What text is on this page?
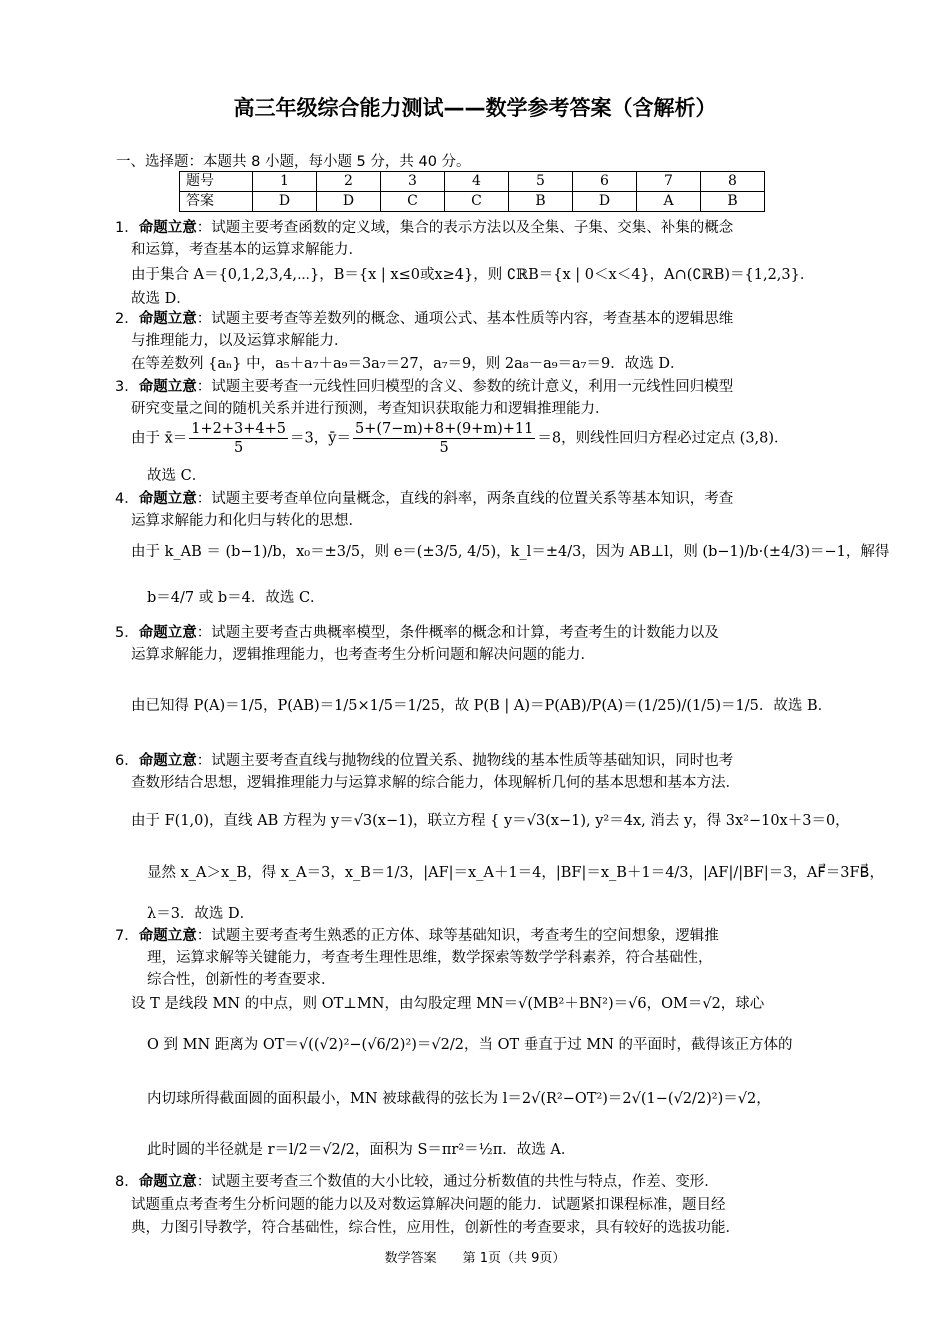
高三年级综合能力测试——数学参考答案（含解析）
一、选择题：本题共 8 小题，每小题 5 分，共 40 分。
题号	1	2	3	4	5	6	7	8
答案	D	D	C	C	B	D	A	B
1．命题立意：试题主要考查函数的定义域，集合的表示方法以及全集、子集、交集、补集的概念
和运算，考查基本的运算求解能力．
由于集合 A＝{0,1,2,3,4,⋯}，B＝{x | x≤0或x≥4}，则 ∁ℝB＝{x | 0＜x＜4}，A∩(∁ℝB)＝{1,2,3}．
故选 D．
2．命题立意：试题主要考查等差数列的概念、通项公式、基本性质等内容，考查基本的逻辑思维
与推理能力，以及运算求解能力．
在等差数列 {aₙ} 中，a₅＋a₇＋a₉＝3a₇＝27，a₇＝9，则 2a₈－a₉＝a₇＝9．故选 D．
3．命题立意：试题主要考查一元线性回归模型的含义、参数的统计意义，利用一元线性回归模型
研究变量之间的随机关系并进行预测，考查知识获取能力和逻辑推理能力．
由于 x̄＝ $\frac{1+2+3+4+5}{5} =3$，ȳ＝ $\frac{5+(7-m)+8+(9+m)+11}{5} =8$，则线性回归方程必过定点 (3,8)．
故选 C．
4．命题立意：试题主要考查单位向量概念，直线的斜率，两条直线的位置关系等基本知识，考查
运算求解能力和化归与转化的思想．
由于 k_AB ＝ (b−1)/b，x₀＝±3/5，则 e＝(±3/5, 4/5)，k_l＝±4/3，因为 AB⊥l，则 (b−1)/b·(±4/3)＝−1，解得
b＝4/7 或 b＝4．故选 C．
5．命题立意：试题主要考查古典概率模型，条件概率的概念和计算，考查考生的计数能力以及
运算求解能力，逻辑推理能力，也考查考生分析问题和解决问题的能力．
由已知得 P(A)＝1/5，P(AB)＝1/5×1/5＝1/25，故 P(B | A)＝P(AB)/P(A)＝(1/25)/(1/5)＝1/5．故选 B．
6．命题立意：试题主要考查直线与抛物线的位置关系、抛物线的基本性质等基础知识，同时也考
查数形结合思想，逻辑推理能力与运算求解的综合能力，体现解析几何的基本思想和基本方法．
由于 F(1,0)，直线 AB 方程为 y＝√3(x−1)，联立方程 { y＝√3(x−1), y²＝4x, 消去 y，得 3x²−10x＋3＝0，
显然 x_A＞x_B，得 x_A＝3，x_B＝1/3，|AF|＝x_A＋1＝4，|BF|＝x_B＋1＝4/3，|AF|/|BF|＝3，AF⃗＝3FB⃗，
λ＝3．故选 D．
7．命题立意：试题主要考查考生熟悉的正方体、球等基础知识，考查考生的空间想象，逻辑推
理，运算求解等关键能力，考查考生理性思维，数学探索等数学学科素养，符合基础性，
综合性，创新性的考查要求．
设 T 是线段 MN 的中点，则 OT⊥MN，由勾股定理 MN＝√(MB²＋BN²)＝√6，OM＝√2，球心
O 到 MN 距离为 OT＝√((√2)²−(√6/2)²)＝√2/2，当 OT 垂直于过 MN 的平面时，截得该正方体的
内切球所得截面圆的面积最小，MN 被球截得的弦长为 l＝2√(R²−OT²)＝2√(1−(√2/2)²)＝√2，
此时圆的半径就是 r＝l/2＝√2/2，面积为 S＝πr²＝½π．故选 A．
8．命题立意：试题主要考查三个数值的大小比较，通过分析数值的共性与特点，作差、变形．
试题重点考查考生分析问题的能力以及对数运算解决问题的能力．试题紧扣课程标准，题目经
典，力图引导教学，符合基础性，综合性，应用性，创新性的考查要求，具有较好的选拔功能．
数学答案　　第 1页（共 9页）
